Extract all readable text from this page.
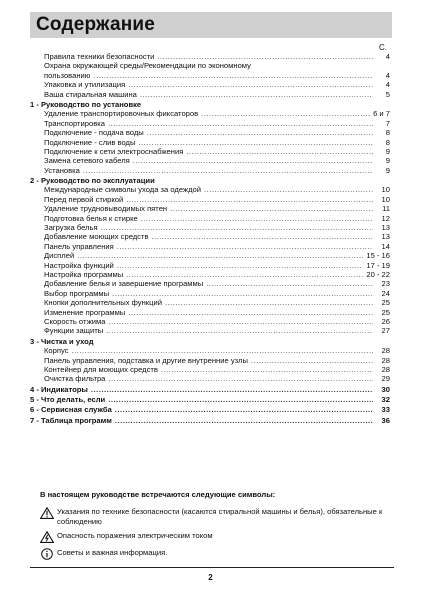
Содержание
С.
Правила техники безопасности .....	4
Охрана окружающей среды/Рекомендации по экономному
пользованию .....	4
Упаковка и утилизация .....	4
Ваша стиральная машина .....	5
1 - Руководство по установке
Удаление транспортировочных фиксаторов .....	6 и 7
Транспортировка .....	7
Подключение - подача воды .....	8
Подключение - слив воды .....	8
Подключение к сети электроснабжения .....	9
Замена сетевого кабеля .....	9
Установка .....	9
2 - Руководство по эксплуатации
Международные символы ухода за одеждой .....	10
Перед первой стиркой .....	10
Удаление трудновыводимых пятен .....	11
Подготовка белья к стирке .....	12
Загрузка белья .....	13
Добавление моющих средств .....	13
Панель управления .....	14
Дисплей .....	15 - 16
Настройка функций .....	17 - 19
Настройка программы .....	20 - 22
Добавление белья и завершение программы .....	23
Выбор программы .....	24
Кнопки дополнительных функций .....	25
Изменение программы .....	25
Скорость отжима .....	26
Функции защиты .....	27
3 - Чистка и уход
Корпус .....	28
Панель управления, подставка и другие внутренние узлы .....	28
Контейнер для моющих средств .....	28
Очистка фильтра .....	29
4 - Индикаторы .....	30
5 - Что делать, если .....	32
6 - Сервисная служба .....	33
7 - Таблица программ .....	36
В настоящем руководстве встречаются следующие символы:
Указания по технике безопасности (касаются стиральной машины и белья), обязательные к соблюдению
Опасность поражения электрическим током
Советы и важная информация.
2
